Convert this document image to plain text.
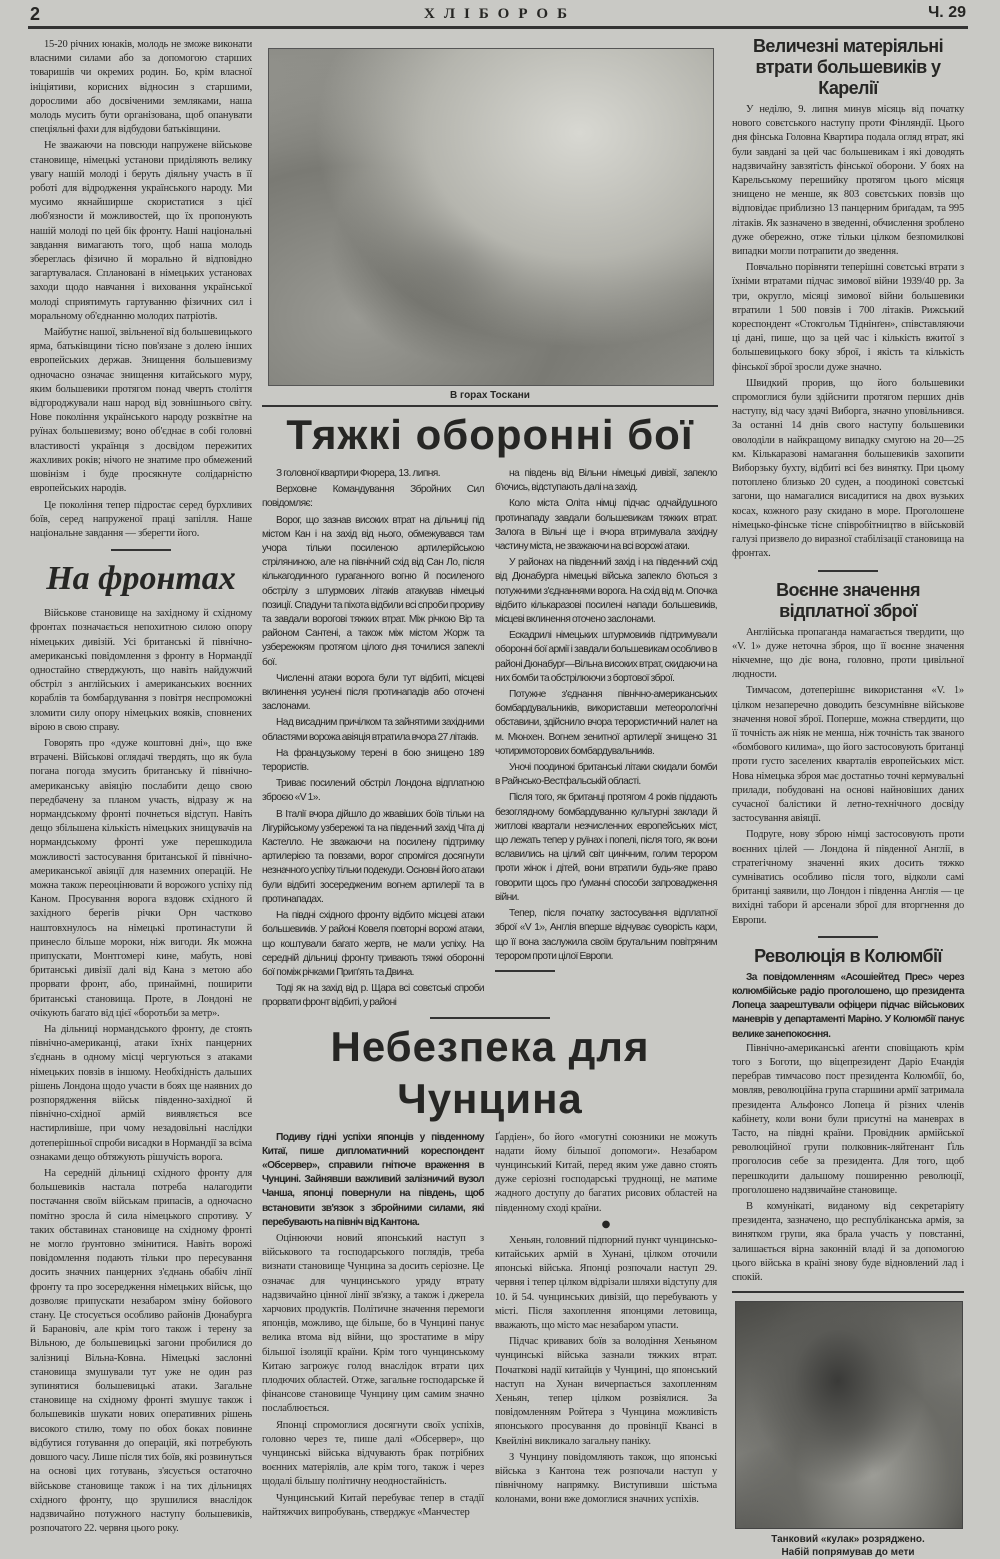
2	ХЛІБОРОБ	Ч. 29

15-20 річних юнаків, молодь не зможе виконати власними силами або за допомогою старших товаришів чи окремих родин. Бо, крім власної ініціятиви, корисних відносин з старшими, дорослими або досвіченими земляками, наша молодь мусить бути організована, щоб опанувати спеціяльні фахи для відбудови батьківщини.

Не зважаючи на повсюди напружене військове становище, німецькі установи приділяють велику увагу нашій молоді і беруть діяльну участь в її роботі для відродження українського народу. Ми мусимо якнайширше скористатися з цієї люб'язности й можливостей, що їх пропонують нашій молоді по цей бік фронту. Наші національні завдання вимагають того, щоб наша молодь збереглась фізично й морально й відповідно загартувалася. Сплановані в німецьких установах заходи щодо навчання і виховання української молоді сприятимуть гартуванню фізичних сил і моральному об'єднанню молодих патріотів.

Майбутнє нашої, звільненої від большевицького ярма, батьківщини тісно пов'язане з долею інших европейських держав. Знищення большевизму одночасно означає знищення китайського муру, яким большевики протягом понад чверть століття відгороджували наш народ від зовнішнього світу. Нове покоління українського народу розквітне на руїнах большевизму; воно об'єднає в собі головні властивості українця з досвідом пережитих жахливих років; нічого не знатиме про обмежений шовінізм і буде просякнуте солідарністю европейських народів.

Це покоління тепер підростає серед бурхливих боїв, серед напруженої праці запілля. Наше національне завдання — зберегти його.

На фронтах

Військове становище на західному й східному фронтах позначається непохитною силою опору німецьких дивізій. Усі британські й північно-американські повідомлення з фронту в Нормандії одностайно стверджують, що навіть найдужчий обстріл з англійських і американських воєнних кораблів та бомбардування з повітря неспроможні зломити силу опору німецьких вояків, сповнених вірою в свою справу.

Говорять про «дуже коштовні дні», що вже втрачені. Військові оглядачі твердять, що як була погана погода змусить британську й північно-американську авіяцію послабити дещо свою передбачену за планом участь, відразу ж на нормандському фронті почнеться відступ. Навіть дещо збільшена кількість німецьких знищувачів на нормандському фронті уже перешкодила можливості застосування британської й північно-американської авіяції для наземних операцій. Не можна також переоцінювати й ворожого успіху під Каном. Просування ворога вздовж східного й західного берегів річки Орн частково наштовхнулось на німецькі протинаступи й принесло більше мороки, ніж вигоди. Як можна припускати, Монтгомері кине, мабуть, нові британські дивізії далі від Кана з метою або прорвати фронт, або, принаймні, поширити британські становища. Проте, в Лондоні не очікують багато від цієї «боротьби за метр».

На дільниці нормандського фронту, де стоять північно-американці, атаки їхніх панцерних з'єднань в одному місці чергуються з атаками німецьких повзів в іншому. Необхідність дальших рішень Лондона щодо участи в боях ще наявних до розпорядження військ південно-західної й північно-східної армій виявляється все настирливіше, при чому незадовільні наслідки дотеперішньої спроби висадки в Нормандії за всіма ознаками дещо обтяжують рішучість ворога.

На середній дільниці східного фронту для большевиків настала потреба налагодити постачання своїм військам припасів, а одночасно помітно зросла й сила німецького спротиву. У таких обставинах становище на східному фронті не могло ґрунтовно змінитися. Навіть ворожі повідомлення подають тільки про пересування досить значних панцерних з'єднань обабіч лінії фронту та про зосередження німецьких військ, що дозволяє припускати незабаром зміну бойового стану. Це стосується особливо районів Дюнабурга й Барановіч, але крім того також і терену за Вільною, де большевицькі загони пробилися до залізниці Вільна-Ковна. Німецькі заслонні становища змушували тут уже не один раз зупинятися большевицькі атаки. Загальне становище на східному фронті змушує також і большевиків шукати нових оперативних рішень високого стилю, тому по обох боках повинне відбутися готування до операцій, які потребують довшого часу. Лише після тих боїв, які розвинуться на основі цих готувань, з'ясується остаточно військове становище також і на тих дільницях східного фронту, що зрушилися внаслідок надзвичайно потужного наступу большевиків, розпочатого 22. червня цього року.

В горах Тоскани
Тяжкі оборонні бої

З головної квартири Фюрера, 13. липня.

Верховне Командування Збройних Сил повідомляє:

Ворог, що зазнав високих втрат на дільниці під містом Кан і на захід від нього, обмежувався там учора тільки посиленою артилерійською стріляниною, але на північний схід від Сан Ло, після кількагодинного гураганного вогню й посиленого обстрілу з штурмових літаків атакував німецькі позиції. Спадуни та піхота відбили всі спроби прориву та завдали ворогові тяжких втрат. Між річкою Вір та районом Сантені, а також між містом Жорж та узбережжям протягом цілого дня точилися запеклі бої.

Численні атаки ворога були тут відбиті, місцеві вклинення усунені після протинападів або оточені заслонами.

Над висадним причілком та зайнятими західними областями ворожа авіяція втратила вчора 27 літаків.

На французькому терені в бою знищено 189 терористів.

Триває посилений обстріл Лондона відплатною зброєю «V 1».

В Італії вчора дійшло до жвавіших боїв тільки на Лігурійському узбережжі та на південний захід Чіта ді Кастелло. Не зважаючи на посилену підтримку артилерією та повзами, ворог спромігся досягнути незначного успіху тільки подекуди. Основні його атаки були відбиті зосередженим вогнем артилерії та в протинападах.

На півдні східного фронту відбито місцеві атаки большевиків. У районі Ковеля повторні ворожі атаки, що коштували багато жертв, не мали успіху. На середній дільниці фронту тривають тяжкі оборонні бої поміж річками Прип'ять та Двина.

Тоді як на захід від р. Щара всі совєтські спроби прорвати фронт відбиті, у районі

на південь від Вільни німецькі дивізії, запекло б'ючись, відступають далі на захід.

Коло міста Оліта німці підчас одчайдушного протинападу завдали большевикам тяжких втрат. Залога в Вільні ще і вчора втримувала західну частину міста, не зважаючи на всі ворожі атаки.

У районах на південний захід і на південний схід від Дюнабурга німецькі війська запекло б'ються з потужними з'єднаннями ворога. На схід від м. Опочка відбито кількаразові посилені напади большевиків, місцеві вклинення оточено заслонами.

Ескадрилі німецьких штурмовиків підтримували оборонні бої армії і завдали большевикам особливо в районі Дюнабург—Вільна високих втрат, скидаючи на них бомби та обстрілюючи з бортової зброї.

Потужне з'єднання північно-американських бомбардувальників, використавши метеорологічні обставини, здійснило вчора терористичний налет на м. Мюнхен. Вогнем зенитної артилерії знищено 31 чотиримоторових бомбардувальників.

Уночі поодинокі британські літаки скидали бомби в Райнсько-Вестфальській області.

Після того, як британці протягом 4 років піддають безоглядному бомбардуванню культурні заклади й житлові квартали незчисленних европейських міст, що лежать тепер у руїнах і попелі, після того, як вони вславились на цілий світ цинічним, голим терором проти жінок і дітей, вони втратили будь-яке право говорити щось про ґуманні способи запровадження війни.

Тепер, після початку застосування відплатної зброї «V 1», Англія вперше відчуває суворість кари, що її вона заслужила своїм брутальним повітряним терором проти цілої Европи.

Небезпека для Чунцина

Подиву гідні успіхи японців у південному Китаї, пише дипломатичний кореспондент «Обсервер», справили гнітюче враження в Чунцині. Зайнявши важливий залізничий вузол Чанша, японці повернули на південь, щоб встановити зв'язок з збройними силами, які перебувають на північ від Кантона.

Оцінюючи новий японський наступ з військового та господарського поглядів, треба визнати становище Чунцина за досить серіозне. Це означає для чунцинського уряду втрату надзвичайно цінної лінії зв'язку, а також і джерела харчових продуктів. Політичне значення перемоги японців, можливо, ще більше, бо в Чунцині панує велика втома від війни, що зростатиме в міру більшої ізоляції країни. Крім того чунцинському Китаю загрожує голод внаслідок втрати цих плодючих областей. Отже, загальне господарське й фінансове становище Чунцину цим самим значно послаблюється.

Японці спромоглися досягнути своїх успіхів, головно через те, пише далі «Обсервер», що чунцинські війська відчувають брак потрібних воєнних матеріялів, але крім того, також і через щодалі більшу політичну неодностайність.

Чунцинський Китай перебуває тепер в стадії найтяжчих випробувань, стверджує «Манчестер

Ґардіен», бо його «могутні союзники не можуть надати йому більшої допомоги». Незабаром чунцинський Китай, перед яким уже давно стоять дуже серіозні господарські труднощі, не матиме жадного доступу до багатих рисових областей на південному сході країни.

●

Хеньян, головний підпорний пункт чунцинсько-китайських армій в Хунані, цілком оточили японські війська. Японці розпочали наступ 29. червня і тепер цілком відрізали шляхи відступу для 10. й 54. чунцинських дивізій, що перебувають у місті. Після захоплення японцями летовища, вважають, що місто має незабаром упасти.

Підчас кривавих боїв за володіння Хеньяном чунцинські війська зазнали тяжких втрат. Початкові надії китайців у Чунцині, що японський наступ на Хунан вичерпається захопленням Хеньян, тепер цілком розвіялися. За повідомленням Ройтера з Чунцина можливість японського просування до провінції Квансі в Квейліні викликало загальну паніку.

З Чунцину повідомляють також, що японські війська з Кантона теж розпочали наступ у північному напрямку. Виступивши шістьма колонами, вони вже домоглися значних успіхів.

Величезні матеріяльні втрати большевиків у Карелії

У неділю, 9. липня минув місяць від початку нового совєтського наступу проти Фінляндії. Цього дня фінська Головна Квартира подала огляд втрат, які були завдані за цей час большевикам і які доводять надзвичайну завзятість фінської оборони. У боях на Карельському перешийку протягом цього місяця знищено не менше, як 803 совєтських повзів що відповідає приблизно 13 панцерним бриґадам, та 995 літаків. Як зазначено в зведенні, обчислення зроблено дуже обережно, отже тільки цілком безпомилкові випадки могли потрапити до зведення.

Повчально порівняти теперішні совєтські втрати з їхніми втратами підчас зимової війни 1939/40 рр. За три, округло, місяці зимової війни большевики втратили 1 500 повзів і 700 літаків. Рижський кореспондент «Стокгольм Тіднінґен», співставляючи ці дані, пише, що за цей час і кількість вжитої з большевицького боку зброї, і якість та кількість фінської зброї зросли дуже значно.

Швидкий прорив, що його большевики спромоглися були здійснити протягом перших днів наступу, від часу здачі Виборга, значно уповільнився. За останні 14 днів свого наступу большевики оволоділи в найкращому випадку смугою на 20—25 км. Кількаразові намагання большевиків захопити Виборзьку бухту, відбиті всі без винятку. При цьому потоплено близько 20 суден, а поодинокі совєтські загони, що намагалися висадитися на двох вузьких косах, кожного разу скидано в море. Проголошене німецько-фінське тісне співробітництво в військовій галузі призвело до виразної стабілізації становища на фронтах.

Воєнне значення відплатної зброї

Англійська пропаганда намагається твердити, що «V. 1» дуже неточна зброя, що її воєнне значення нікчемне, що діє вона, головно, проти цивільної людности.

Тимчасом, дотеперішнє використання «V. 1» цілком незаперечно доводить безсумнівне військове значення нової зброї. Поперше, можна ствердити, що її точність аж ніяк не менша, ніж точність так званого «бомбового килима», що його застосовують британці проти густо заселених кварталів европейських міст. Нова німецька зброя має достатньо точні кермувальні прилади, побудовані на основі найновіших даних сучасної балістики й летно-технічного досвіду застосування авіяції.

Подруге, нову зброю німці застосовують проти воєнних цілей — Лондона й південної Англії, в стратегічному значенні яких досить тяжко сумніватись особливо після того, відколи самі британці заявили, що Лондон і південна Англія — це вихідні табори й арсенали зброї для вторгнення до Европи.

Революція в Колюмбії

За повідомленням «Асошіейтед Прес» через колюмбійське радіо проголошено, що президента Лопеца заарештували офіцери підчас військових маневрів у департаменті Маріно. У Колюмбії панує велике занепокоєння.

Північно-американські аґенти сповіщають крім того з Боготи, що віцепрезидент Даріо Ечандія перебрав тимчасово пост президента Колюмбії, бо, мовляв, революційна група старшини армії затримала президента Альфонсо Лопеца й різних членів кабінету, коли вони були присутні на маневрах в Тасто, на півдні країни. Провідник армійської революційної групи полковник-ляйтенант Ґіль проголосив себе за президента. Для того, щоб перешкодити дальшому поширенню революції, проголошено надзвичайне становище.

В комунікаті, виданому від секретаріяту президента, зазначено, що республіканська армія, за винятком групи, яка брала участь у повстанні, залишається вірна законній владі й за допомогою цього війська в країні знову буде відновлений лад і спокій.

Танковий «кулак» розряджено.
Набій попрямував до мети
